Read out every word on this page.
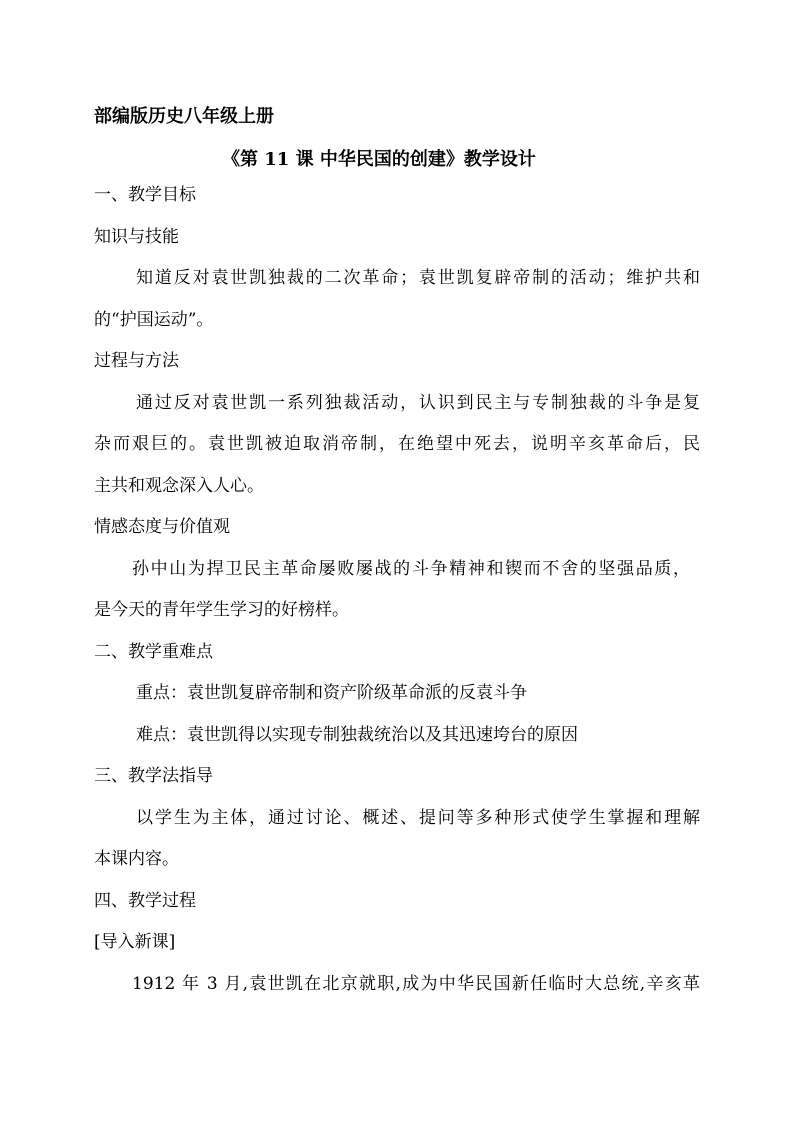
部编版历史八年级上册
《第 11 课 中华民国的创建》教学设计
一、教学目标
知识与技能
知道反对袁世凯独裁的二次革命；袁世凯复辟帝制的活动；维护共和
的“护国运动”。
过程与方法
通过反对袁世凯一系列独裁活动，认识到民主与专制独裁的斗争是复
杂而艰巨的。袁世凯被迫取消帝制，在绝望中死去，说明辛亥革命后，民
主共和观念深入人心。
情感态度与价值观
孙中山为捍卫民主革命屡败屡战的斗争精神和锲而不舍的坚强品质，
是今天的青年学生学习的好榜样。
二、教学重难点
重点：袁世凯复辟帝制和资产阶级革命派的反袁斗争
难点：袁世凯得以实现专制独裁统治以及其迅速垮台的原因
三、教学法指导
以学生为主体，通过讨论、概述、提问等多种形式使学生掌握和理解
本课内容。
四、教学过程
[导入新课]
1912 年 3 月,袁世凯在北京就职,成为中华民国新任临时大总统,辛亥革
